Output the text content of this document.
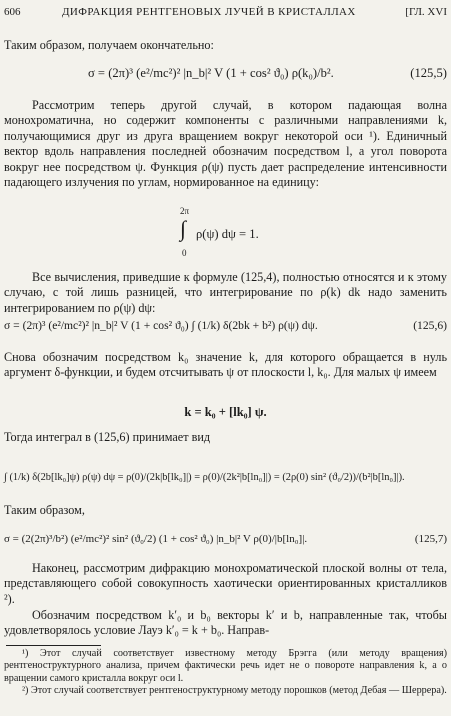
606	ДИФРАКЦИЯ РЕНТГЕНОВЫХ ЛУЧЕЙ В КРИСТАЛЛАХ	[ГЛ. XVI

Таким образом, получаем окончательно:

σ = (2π)³ (e²/mc²)² |n_b|² V (1 + cos² ϑ₀) ρ(k₀)/b².	(125,5)

Рассмотрим теперь другой случай, в котором падающая волна монохроматична, но содержит компоненты с различными направлениями k, получающимися друг из друга вращением вокруг некоторой оси ¹). Единичный вектор вдоль направления последней обозначим посредством l, а угол поворота вокруг нее посредством ψ. Функция ρ(ψ) пусть дает распределение интенсивности падающего излучения по углам, нормированное на единицу:

2π
∫
0
ρ(ψ) dψ = 1.

Все вычисления, приведшие к формуле (125,4), полностью относятся и к этому случаю, с той лишь разницей, что интегрирование по ρ(k) dk надо заменить интегрированием по ρ(ψ) dψ:

σ = (2π)³ (e²/mc²)² |n_b|² V (1 + cos² ϑ₀) ∫ (1/k) δ(2bk + b²) ρ(ψ) dψ.	(125,6)

Снова обозначим посредством k₀ значение k, для которого обращается в нуль аргумент δ-функции, и будем отсчитывать ψ от плоскости l, k₀. Для малых ψ имеем

k = k₀ + [lk₀] ψ.

Тогда интеграл в (125,6) принимает вид

∫ (1/k) δ(2b[lk₀]ψ) ρ(ψ) dψ = ρ(0)/(2k|b[lk₀]|) = ρ(0)/(2k²|b[ln₀]|) = (2ρ(0) sin² (ϑ₀/2))/(b²|b[ln₀]|).

Таким образом,

σ = (2(2π)³/b²) (e²/mc²)² sin² (ϑ₀/2) (1 + cos² ϑ₀) |n_b|² V ρ(0)/|b[ln₀]|.	(125,7)

Наконец, рассмотрим дифракцию монохроматической плоской волны от тела, представляющего собой совокупность хаотически ориентированных кристалликов ²).

Обозначим посредством k′₀ и b₀ векторы k′ и b, направленные так, чтобы удовлетворялось условие Лауэ k′₀ = k + b₀. Направ-

¹) Этот случай соответствует известному методу Брэгга (или методу вращения) рентгеноструктурного анализа, причем фактически речь идет не о повороте направления k, а о вращении самого кристалла вокруг оси l.

²) Этот случай соответствует рентгеноструктурному методу порошков (метод Дебая — Шеррера).
